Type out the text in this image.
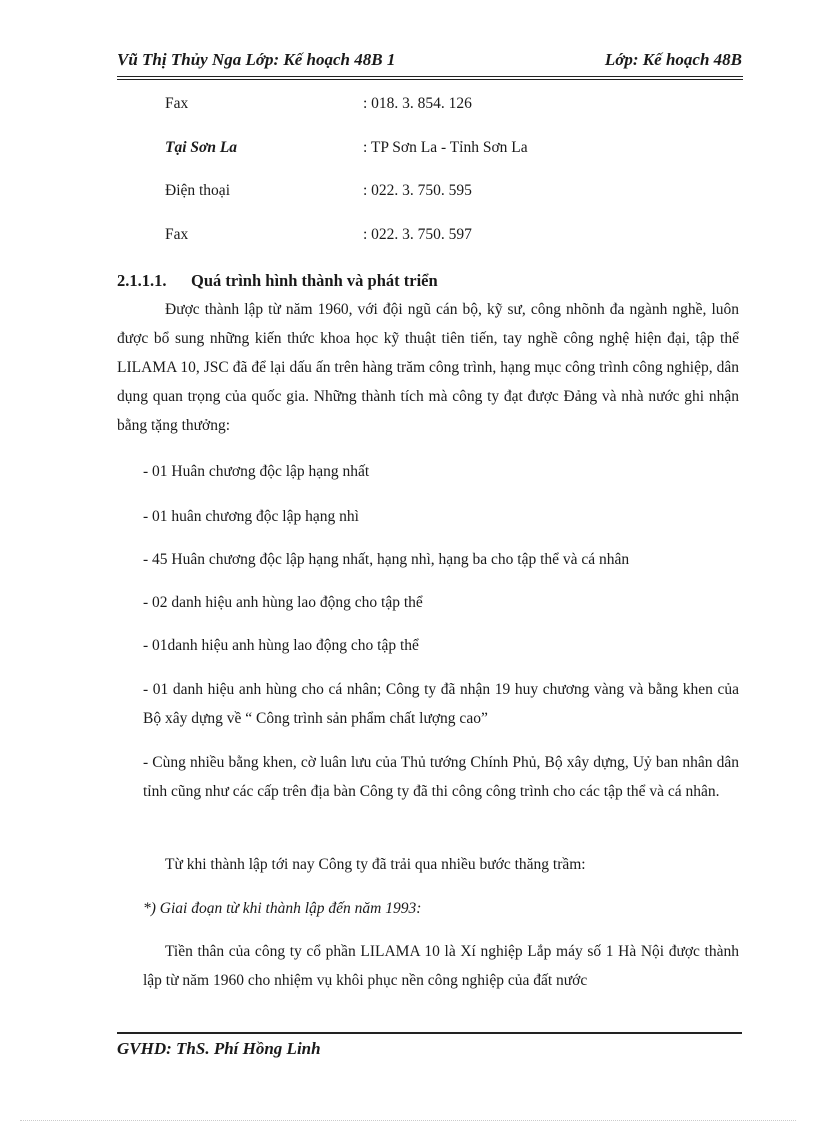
Vũ Thị Thủy Nga Lớp: Kế hoạch 48B 1	Lớp: Kế hoạch 48B
Fax	: 018. 3. 854. 126
Tại Sơn La	: TP Sơn La - Tỉnh Sơn La
Điện thoại	: 022. 3. 750. 595
Fax	: 022. 3. 750. 597
2.1.1.1. Quá trình hình thành và phát triển
Được thành lập từ năm 1960, với đội ngũ cán bộ, kỹ sư, công nhõnh đa ngành nghề, luôn được bổ sung những kiến thức khoa học kỹ thuật tiên tiến, tay nghề công nghệ hiện đại, tập thể LILAMA 10, JSC đã để lại dấu ấn trên hàng trăm công trình, hạng mục công trình công nghiệp, dân dụng quan trọng của quốc gia. Những thành tích mà công ty đạt được Đảng và nhà nước ghi nhận bằng tặng thưởng:
- 01 Huân chương độc lập hạng nhất
- 01 huân chương độc lập hạng nhì
- 45 Huân chương độc lập hạng nhất, hạng nhì, hạng ba cho tập thể và cá nhân
- 02 danh hiệu anh hùng lao động cho tập thể
- 01danh hiệu anh hùng lao động cho tập thể
- 01 danh hiệu anh hùng cho cá nhân; Công ty đã nhận 19 huy chương vàng và bằng khen của Bộ xây dựng về “ Công trình sản phẩm chất lượng cao”
- Cùng nhiều bằng khen, cờ luân lưu của Thủ tướng Chính Phủ, Bộ xây dựng, Uỷ ban nhân dân tỉnh cũng như các cấp trên địa bàn Công ty đã thi công công trình cho các tập thể và cá nhân.
Từ khi thành lập tới nay Công ty đã trải qua nhiều bước thăng trầm:
*) Giai đoạn từ khi thành lập đến năm 1993:
Tiền thân của công ty cổ phần LILAMA 10 là Xí nghiệp Lắp máy số 1 Hà Nội được thành lập từ năm 1960 cho nhiệm vụ khôi phục nền công nghiệp của đất nước
GVHD: ThS. Phí Hồng Linh
